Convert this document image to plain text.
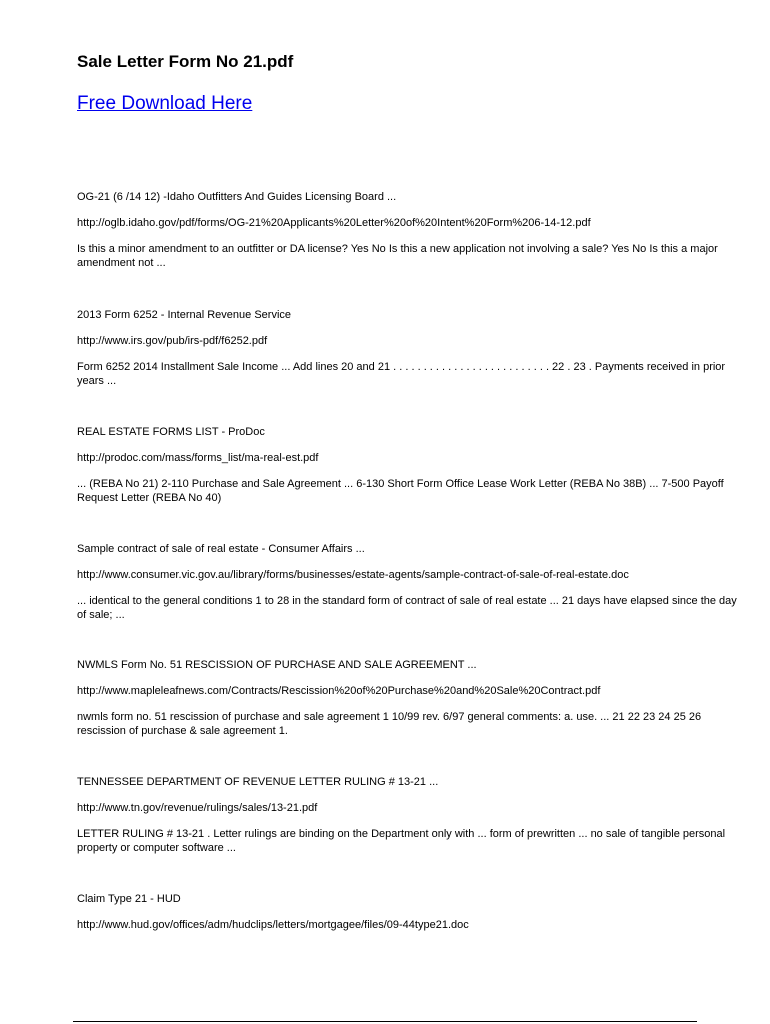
Sale Letter Form No 21.pdf
Free Download Here

OG-21 (6 /14 12) -Idaho Outfitters And Guides Licensing Board ...

http://oglb.idaho.gov/pdf/forms/OG-21%20Applicants%20Letter%20of%20Intent%20Form%206-14-12.pdf

Is this a minor amendment to an outfitter or DA license? Yes No Is this a new application not involving a sale? Yes No Is this a major amendment not ...

2013 Form 6252 - Internal Revenue Service

http://www.irs.gov/pub/irs-pdf/f6252.pdf

Form 6252 2014 Installment Sale Income ... Add lines 20 and 21 . . . . . . . . . . . . . . . . . . . . . . . . . . 22 . 23 . Payments received in prior years ...

REAL ESTATE FORMS LIST - ProDoc

http://prodoc.com/mass/forms_list/ma-real-est.pdf

... (REBA No 21) 2-110 Purchase and Sale Agreement ... 6-130 Short Form Office Lease Work Letter (REBA No 38B) ... 7-500 Payoff Request Letter (REBA No 40)

Sample contract of sale of real estate - Consumer Affairs ...

http://www.consumer.vic.gov.au/library/forms/businesses/estate-agents/sample-contract-of-sale-of-real-estate.doc

... identical to the general conditions 1 to 28 in the standard form of contract of sale of real estate ... 21 days have elapsed since the day of sale; ...

NWMLS Form No. 51 RESCISSION OF PURCHASE AND SALE AGREEMENT ...

http://www.mapleleafnews.com/Contracts/Rescission%20of%20Purchase%20and%20Sale%20Contract.pdf

nwmls form no. 51 rescission of purchase and sale agreement 1 10/99 rev. 6/97 general comments: a. use. ... 21 22 23 24 25 26 rescission of purchase & sale agreement 1.

TENNESSEE DEPARTMENT OF REVENUE LETTER RULING # 13-21 ...

http://www.tn.gov/revenue/rulings/sales/13-21.pdf

LETTER RULING # 13-21 . Letter rulings are binding on the Department only with ... form of prewritten ... no sale of tangible personal property or computer software ...

Claim Type 21 - HUD

http://www.hud.gov/offices/adm/hudclips/letters/mortgagee/files/09-44type21.doc
